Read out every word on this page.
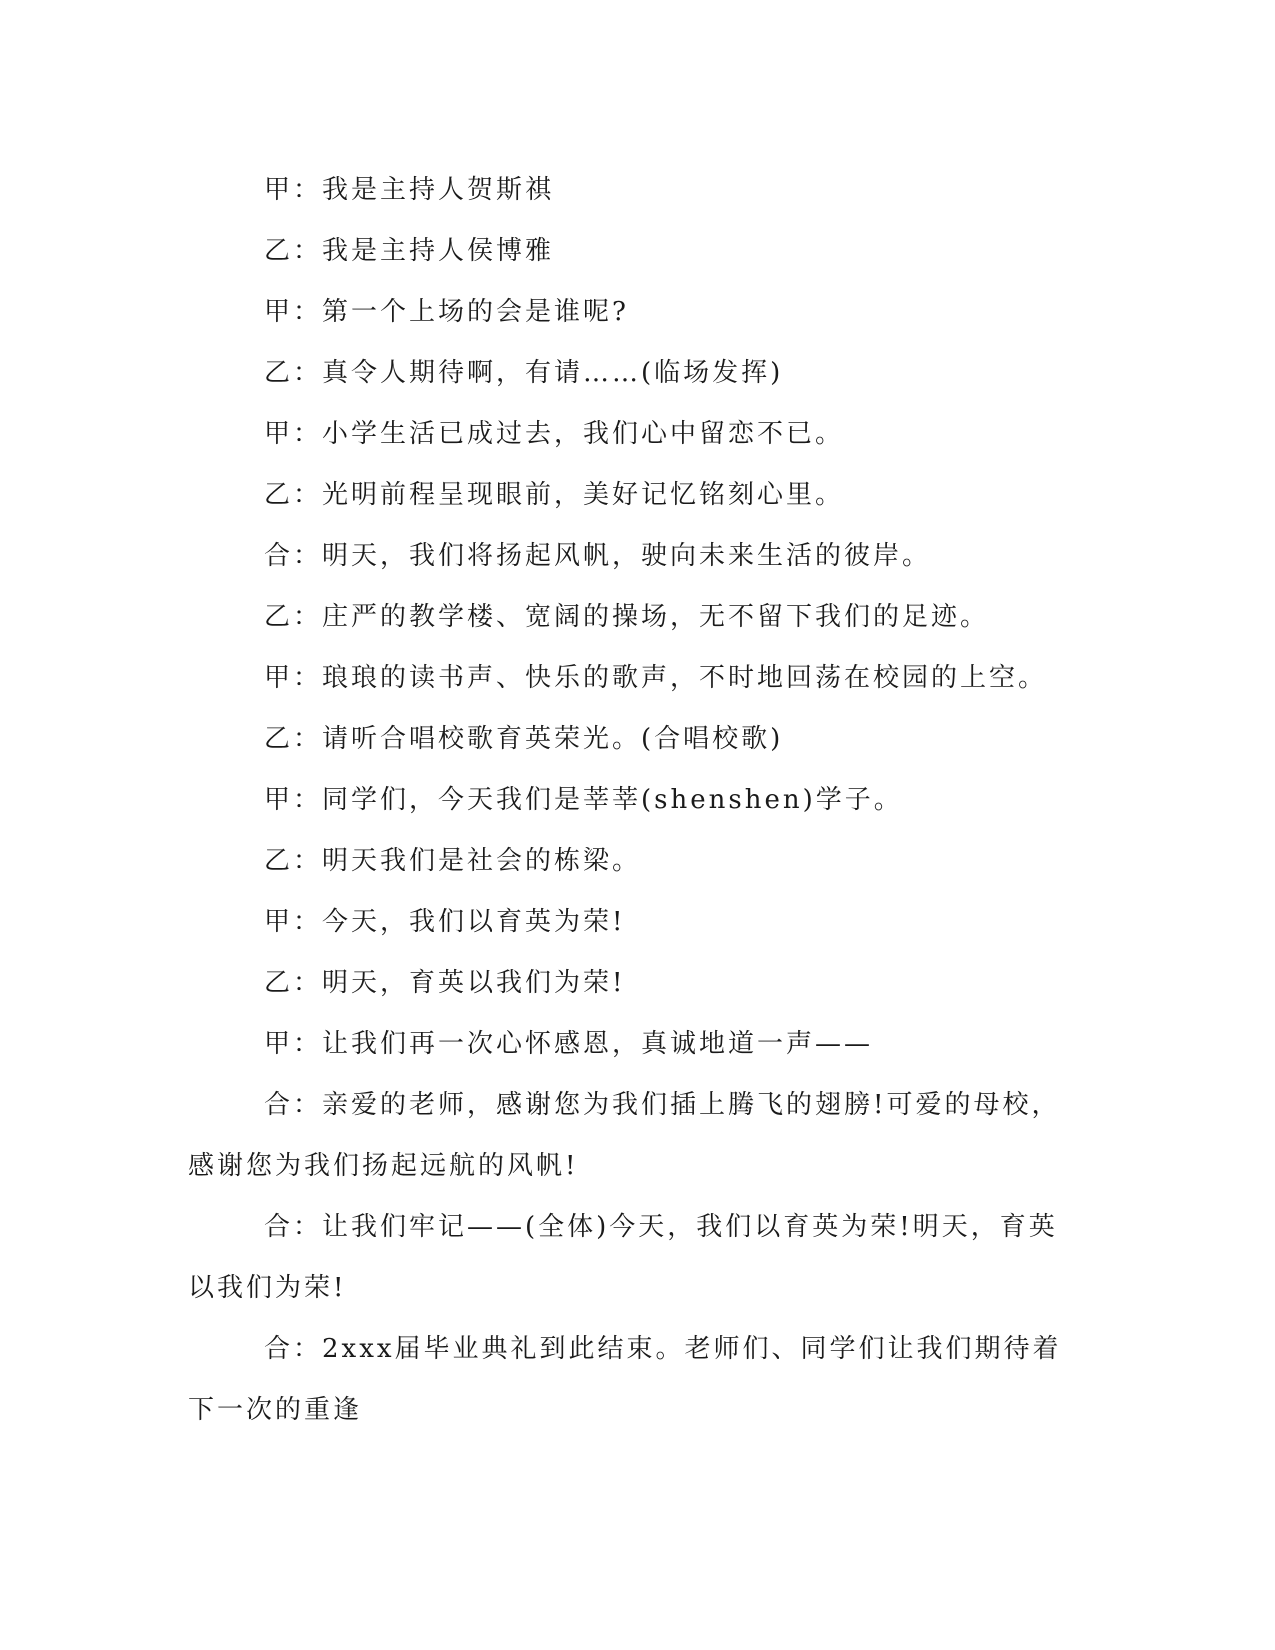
甲：我是主持人贺斯祺

乙：我是主持人侯博雅

甲：第一个上场的会是谁呢?

乙：真令人期待啊，有请……(临场发挥)

甲：小学生活已成过去，我们心中留恋不已。

乙：光明前程呈现眼前，美好记忆铭刻心里。

合：明天，我们将扬起风帆，驶向未来生活的彼岸。

乙：庄严的教学楼、宽阔的操场，无不留下我们的足迹。

甲：琅琅的读书声、快乐的歌声，不时地回荡在校园的上空。

乙：请听合唱校歌育英荣光。(合唱校歌)

甲：同学们，今天我们是莘莘(shenshen)学子。

乙：明天我们是社会的栋梁。

甲：今天，我们以育英为荣!

乙：明天，育英以我们为荣!

甲：让我们再一次心怀感恩，真诚地道一声——

合：亲爱的老师，感谢您为我们插上腾飞的翅膀!可爱的母校，感谢您为我们扬起远航的风帆!

合：让我们牢记——(全体)今天，我们以育英为荣!明天，育英以我们为荣!

合：2xxx届毕业典礼到此结束。老师们、同学们让我们期待着下一次的重逢
